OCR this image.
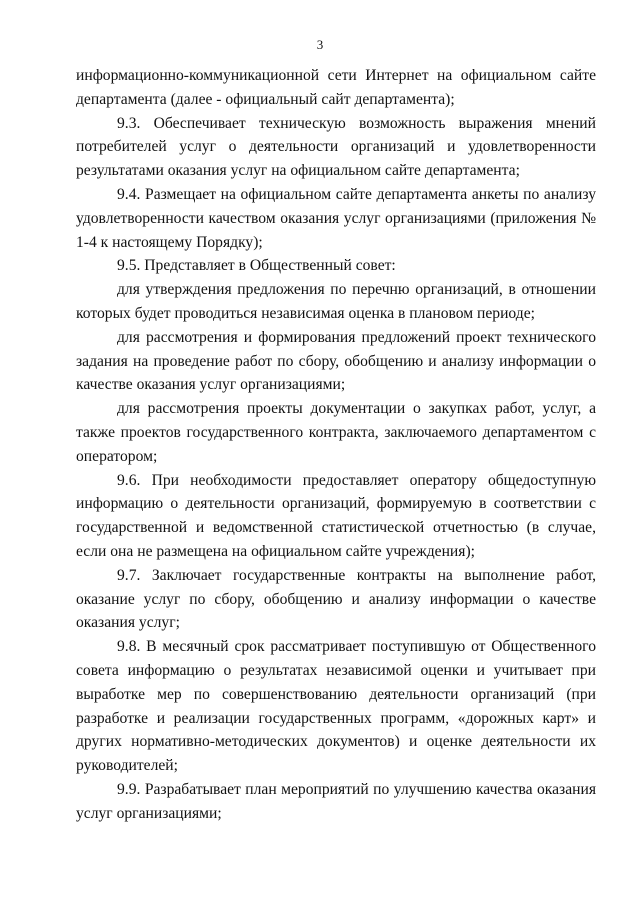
3

информационно-коммуникационной сети Интернет на официальном сайте департамента (далее - официальный сайт департамента);

9.3. Обеспечивает техническую возможность выражения мнений потребителей услуг о деятельности организаций и удовлетворенности результатами оказания услуг на официальном сайте департамента;

9.4. Размещает на официальном сайте департамента анкеты по анализу удовлетворенности качеством оказания услуг организациями (приложения № 1-4 к настоящему Порядку);

9.5. Представляет в Общественный совет:

для утверждения предложения по перечню организаций, в отношении которых будет проводиться независимая оценка в плановом периоде;

для рассмотрения и формирования предложений проект технического задания на проведение работ по сбору, обобщению и анализу информации о качестве оказания услуг организациями;

для рассмотрения проекты документации о закупках работ, услуг, а также проектов государственного контракта, заключаемого департаментом с оператором;

9.6. При необходимости предоставляет оператору общедоступную информацию о деятельности организаций, формируемую в соответствии с государственной и ведомственной статистической отчетностью (в случае, если она не размещена на официальном сайте учреждения);

9.7. Заключает государственные контракты на выполнение работ, оказание услуг по сбору, обобщению и анализу информации о качестве оказания услуг;

9.8. В месячный срок рассматривает поступившую от Общественного совета информацию о результатах независимой оценки и учитывает при выработке мер по совершенствованию деятельности организаций (при разработке и реализации государственных программ, «дорожных карт» и других нормативно-методических документов) и оценке деятельности их руководителей;

9.9. Разрабатывает план мероприятий по улучшению качества оказания услуг организациями;
